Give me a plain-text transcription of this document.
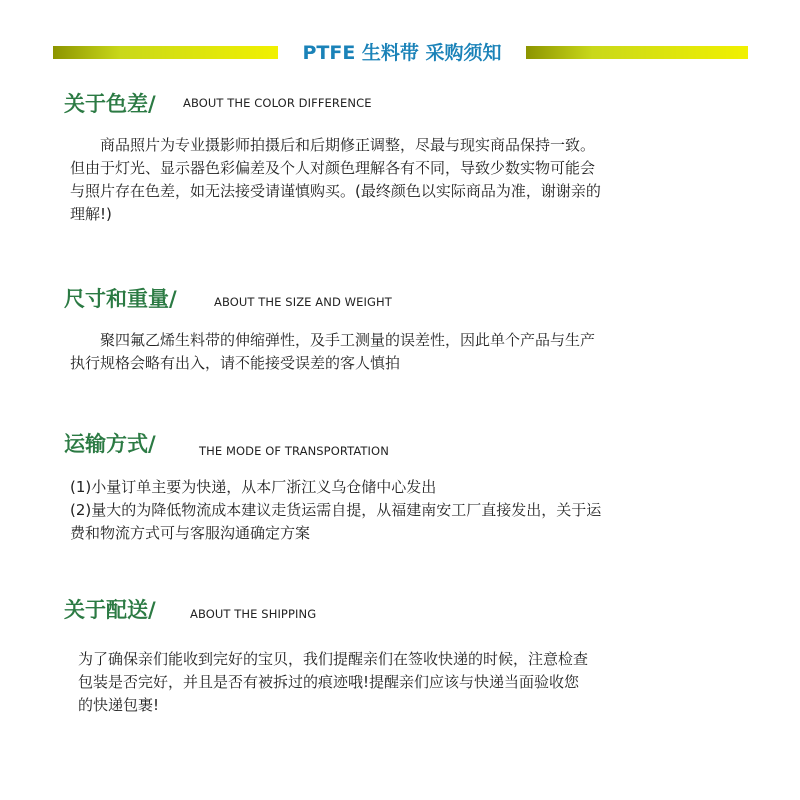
PTFE 生料带 采购须知
关于色差/ ABOUT THE COLOR DIFFERENCE
　　商品照片为专业摄影师拍摄后和后期修正调整，尽最与现实商品保持一致。
但由于灯光、显示器色彩偏差及个人对颜色理解各有不同，导致少数实物可能会
与照片存在色差，如无法接受请谨慎购买。(最终颜色以实际商品为准，谢谢亲的
理解!)
尺寸和重量/	ABOUT THE SIZE AND WEIGHT
　　聚四氟乙烯生料带的伸缩弹性，及手工测量的误差性，因此单个产品与生产
执行规格会略有出入，请不能接受误差的客人慎拍
运输方式/	THE MODE OF TRANSPORTATION
(1)小量订单主要为快递，从本厂浙江义乌仓储中心发出
(2)量大的为降低物流成本建议走货运需自提，从福建南安工厂直接发出，关于运
费和物流方式可与客服沟通确定方案
关于配送/	ABOUT THE SHIPPING
为了确保亲们能收到完好的宝贝，我们提醒亲们在签收快递的时候，注意检查
包装是否完好，并且是否有被拆过的痕迹哦!提醒亲们应该与快递当面验收您
的快递包裹!
